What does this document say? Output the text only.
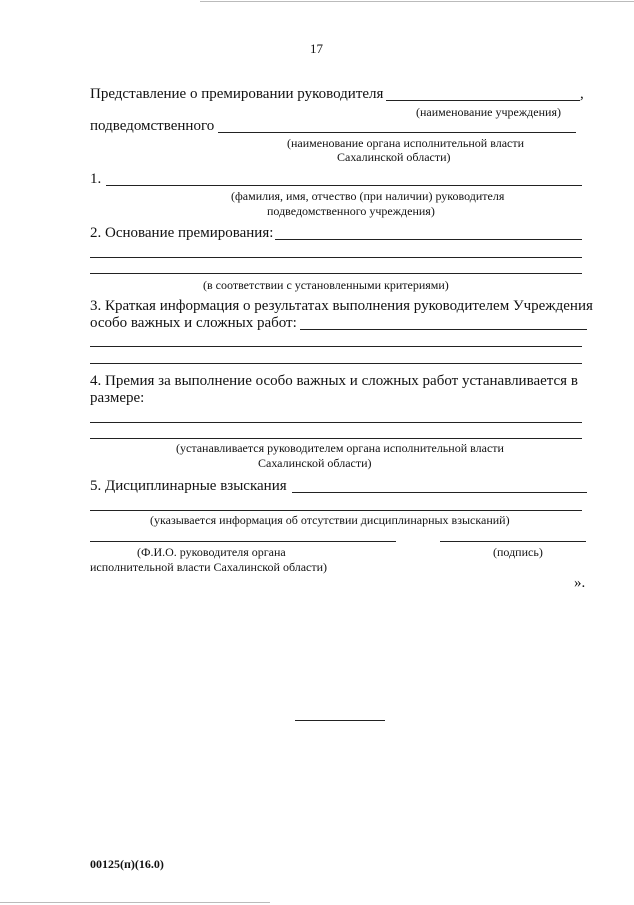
17
Представление о премировании руководителя	,
(наименование учреждения)
подведомственного
(наименование органа исполнительной власти
Сахалинской области)
1.
(фамилия, имя, отчество (при наличии) руководителя
подведомственного учреждения)
2. Основание премирования:
(в соответствии с установленными критериями)
3. Краткая информация о результатах выполнения руководителем Учреждения
особо важных и сложных работ:
4. Премия за выполнение особо важных и сложных работ устанавливается в
размере:
(устанавливается руководителем органа исполнительной власти
Сахалинской области)
5. Дисциплинарные взыскания
(указывается информация об отсутствии дисциплинарных взысканий)
(Ф.И.О. руководителя органа
исполнительной власти Сахалинской области)
(подпись)
».
00125(п)(16.0)
